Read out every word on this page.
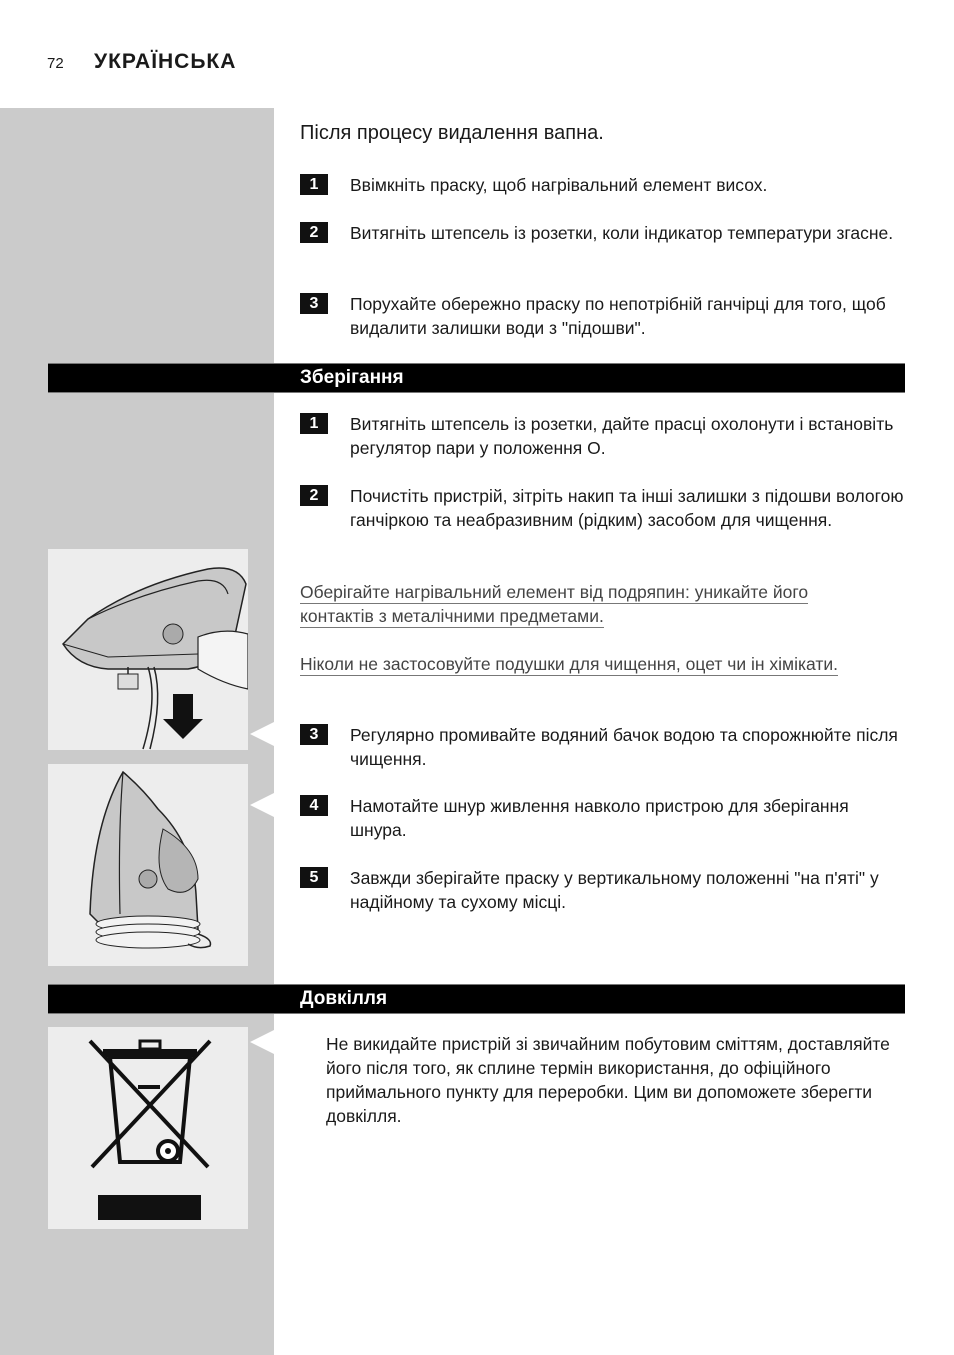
72 УКРАЇНСЬКА
Після процесу видалення вапна.
1	Ввімкніть праску, щоб нагрівальний елемент висох.
2	Витягніть штепсель із розетки, коли індикатор температури згасне.
3	Поруxайте обережно праску по непотрібній ганчірці для того, щоб видалити залишки води з "підошви".
Зберігання
1	Витягніть штепсель із розетки, дайте прасці охолонути і встановіть регулятор пари у положення O.
2	Почистіть пристрій, зітріть накип та інші залишки з підошви вологою ганчіркою та неабразивним (рідким) засобом для чищення.
Оберігайте нагрівальний елемент від подряпин: уникайте його контактів з металічними предметами.
Ніколи не застосовуйте подушки для чищення, оцет чи ін хімікати.
3	Регулярно промивайте водяний бачок водою та спорожнюйте після чищення.
4	Намотайте шнур живлення навколо пристрою для зберігання шнура.
5	Завжди зберігайте праску у вертикальному положенні "на п'яті" у надійному та сухому місці.
Довкілля
Не викидайте пристрій зі звичайним побутовим сміттям, доставляйте його після того, як сплине термін використання, до офіційного приймального пункту для переробки. Цим ви допоможете зберегти довкілля.
